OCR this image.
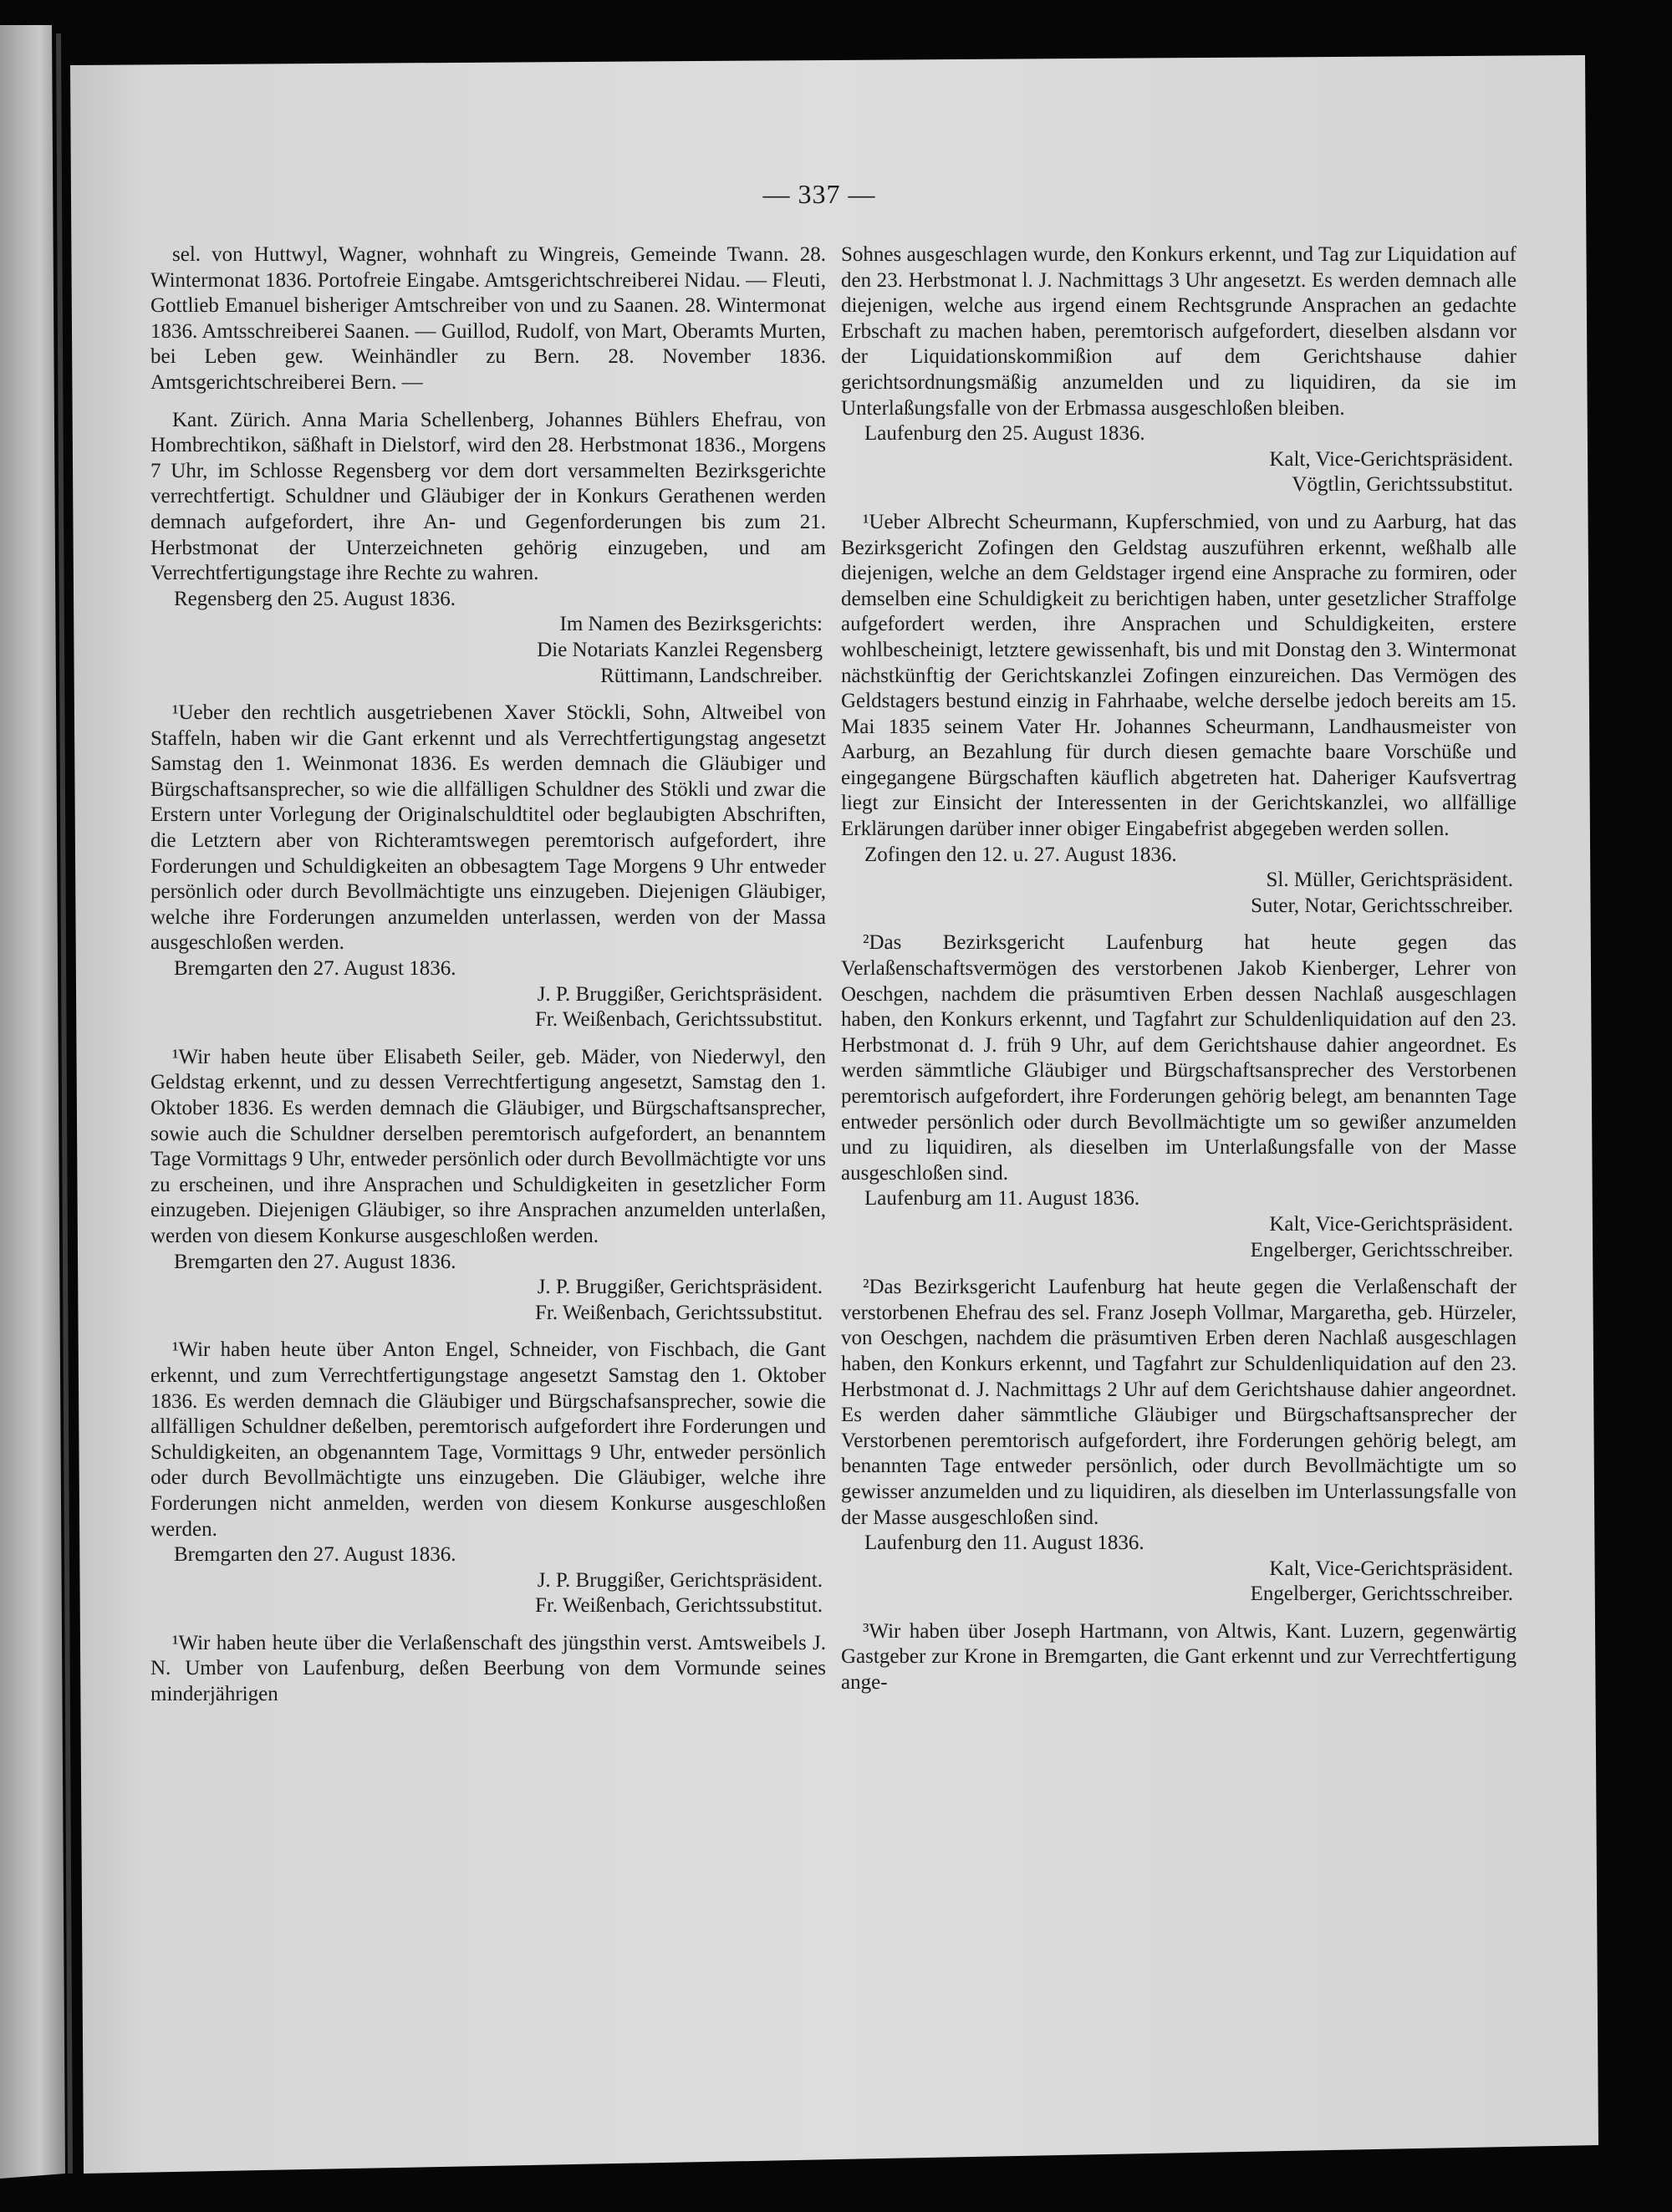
— 337 —

sel. von Huttwyl, Wagner, wohnhaft zu Wingreis, Gemeinde Twann. 28. Wintermonat 1836. Portofreie Eingabe. Amtsgerichtschreiberei Nidau. — Fleuti, Gottlieb Emanuel bisheriger Amtschreiber von und zu Saanen. 28. Wintermonat 1836. Amtsschreiberei Saanen. — Guillod, Rudolf, von Mart, Oberamts Murten, bei Leben gew. Weinhändler zu Bern. 28. November 1836. Amtsgerichtschreiberei Bern. —

Kant. Zürich. Anna Maria Schellenberg, Johannes Bühlers Ehefrau, von Hombrechtikon, säßhaft in Dielstorf, wird den 28. Herbstmonat 1836., Morgens 7 Uhr, im Schlosse Regensberg vor dem dort versammelten Bezirksgerichte verrechtfertigt. Schuldner und Gläubiger der in Konkurs Gerathenen werden demnach aufgefordert, ihre An- und Gegenforderungen bis zum 21. Herbstmonat der Unterzeichneten gehörig einzugeben, und am Verrechtfertigungstage ihre Rechte zu wahren.

Regensberg den 25. August 1836.

Im Namen des Bezirksgerichts:

Die Notariats Kanzlei Regensberg

Rüttimann, Landschreiber.

¹Ueber den rechtlich ausgetriebenen Xaver Stöckli, Sohn, Altweibel von Staffeln, haben wir die Gant erkennt und als Verrechtfertigungstag angesetzt Samstag den 1. Weinmonat 1836. Es werden demnach die Gläubiger und Bürgschaftsansprecher, so wie die allfälligen Schuldner des Stökli und zwar die Erstern unter Vorlegung der Originalschuldtitel oder beglaubigten Abschriften, die Letztern aber von Richteramtswegen peremtorisch aufgefordert, ihre Forderungen und Schuldigkeiten an obbesagtem Tage Morgens 9 Uhr entweder persönlich oder durch Bevollmächtigte uns einzugeben. Diejenigen Gläubiger, welche ihre Forderungen anzumelden unterlassen, werden von der Massa ausgeschloßen werden.

Bremgarten den 27. August 1836.

J. P. Bruggißer, Gerichtspräsident.

Fr. Weißenbach, Gerichtssubstitut.

¹Wir haben heute über Elisabeth Seiler, geb. Mäder, von Niederwyl, den Geldstag erkennt, und zu dessen Verrechtfertigung angesetzt, Samstag den 1. Oktober 1836. Es werden demnach die Gläubiger, und Bürgschaftsansprecher, sowie auch die Schuldner derselben peremtorisch aufgefordert, an benanntem Tage Vormittags 9 Uhr, entweder persönlich oder durch Bevollmächtigte vor uns zu erscheinen, und ihre Ansprachen und Schuldigkeiten in gesetzlicher Form einzugeben. Diejenigen Gläubiger, so ihre Ansprachen anzumelden unterlaßen, werden von diesem Konkurse ausgeschloßen werden.

Bremgarten den 27. August 1836.

J. P. Bruggißer, Gerichtspräsident.

Fr. Weißenbach, Gerichtssubstitut.

¹Wir haben heute über Anton Engel, Schneider, von Fischbach, die Gant erkennt, und zum Verrechtfertigungstage angesetzt Samstag den 1. Oktober 1836. Es werden demnach die Gläubiger und Bürgschafsansprecher, sowie die allfälligen Schuldner deßelben, peremtorisch aufgefordert ihre Forderungen und Schuldigkeiten, an obgenanntem Tage, Vormittags 9 Uhr, entweder persönlich oder durch Bevollmächtigte uns einzugeben. Die Gläubiger, welche ihre Forderungen nicht anmelden, werden von diesem Konkurse ausgeschloßen werden.

Bremgarten den 27. August 1836.

J. P. Bruggißer, Gerichtspräsident.

Fr. Weißenbach, Gerichtssubstitut.

¹Wir haben heute über die Verlaßenschaft des jüngsthin verst. Amtsweibels J. N. Umber von Laufenburg, deßen Beerbung von dem Vormunde seines minderjährigen

Sohnes ausgeschlagen wurde, den Konkurs erkennt, und Tag zur Liquidation auf den 23. Herbstmonat l. J. Nachmittags 3 Uhr angesetzt. Es werden demnach alle diejenigen, welche aus irgend einem Rechtsgrunde Ansprachen an gedachte Erbschaft zu machen haben, peremtorisch aufgefordert, dieselben alsdann vor der Liquidationskommißion auf dem Gerichtshause dahier gerichtsordnungsmäßig anzumelden und zu liquidiren, da sie im Unterlaßungsfalle von der Erbmassa ausgeschloßen bleiben.

Laufenburg den 25. August 1836.

Kalt, Vice-Gerichtspräsident.

Vögtlin, Gerichtssubstitut.

¹Ueber Albrecht Scheurmann, Kupferschmied, von und zu Aarburg, hat das Bezirksgericht Zofingen den Geldstag auszuführen erkennt, weßhalb alle diejenigen, welche an dem Geldstager irgend eine Ansprache zu formiren, oder demselben eine Schuldigkeit zu berichtigen haben, unter gesetzlicher Straffolge aufgefordert werden, ihre Ansprachen und Schuldigkeiten, erstere wohlbescheinigt, letztere gewissenhaft, bis und mit Donstag den 3. Wintermonat nächstkünftig der Gerichtskanzlei Zofingen einzureichen. Das Vermögen des Geldstagers bestund einzig in Fahrhaabe, welche derselbe jedoch bereits am 15. Mai 1835 seinem Vater Hr. Johannes Scheurmann, Landhausmeister von Aarburg, an Bezahlung für durch diesen gemachte baare Vorschüße und eingegangene Bürgschaften käuflich abgetreten hat. Daheriger Kaufsvertrag liegt zur Einsicht der Interessenten in der Gerichtskanzlei, wo allfällige Erklärungen darüber inner obiger Eingabefrist abgegeben werden sollen.

Zofingen den 12. u. 27. August 1836.

Sl. Müller, Gerichtspräsident.

Suter, Notar, Gerichtsschreiber.

²Das Bezirksgericht Laufenburg hat heute gegen das Verlaßenschaftsvermögen des verstorbenen Jakob Kienberger, Lehrer von Oeschgen, nachdem die präsumtiven Erben dessen Nachlaß ausgeschlagen haben, den Konkurs erkennt, und Tagfahrt zur Schuldenliquidation auf den 23. Herbstmonat d. J. früh 9 Uhr, auf dem Gerichtshause dahier angeordnet. Es werden sämmtliche Gläubiger und Bürgschaftsansprecher des Verstorbenen peremtorisch aufgefordert, ihre Forderungen gehörig belegt, am benannten Tage entweder persönlich oder durch Bevollmächtigte um so gewißer anzumelden und zu liquidiren, als dieselben im Unterlaßungsfalle von der Masse ausgeschloßen sind.

Laufenburg am 11. August 1836.

Kalt, Vice-Gerichtspräsident.

Engelberger, Gerichtsschreiber.

²Das Bezirksgericht Laufenburg hat heute gegen die Verlaßenschaft der verstorbenen Ehefrau des sel. Franz Joseph Vollmar, Margaretha, geb. Hürzeler, von Oeschgen, nachdem die präsumtiven Erben deren Nachlaß ausgeschlagen haben, den Konkurs erkennt, und Tagfahrt zur Schuldenliquidation auf den 23. Herbstmonat d. J. Nachmittags 2 Uhr auf dem Gerichtshause dahier angeordnet. Es werden daher sämmtliche Gläubiger und Bürgschaftsansprecher der Verstorbenen peremtorisch aufgefordert, ihre Forderungen gehörig belegt, am benannten Tage entweder persönlich, oder durch Bevollmächtigte um so gewisser anzumelden und zu liquidiren, als dieselben im Unterlassungsfalle von der Masse ausgeschloßen sind.

Laufenburg den 11. August 1836.

Kalt, Vice-Gerichtspräsident.

Engelberger, Gerichtsschreiber.

³Wir haben über Joseph Hartmann, von Altwis, Kant. Luzern, gegenwärtig Gastgeber zur Krone in Bremgarten, die Gant erkennt und zur Verrechtfertigung ange-
